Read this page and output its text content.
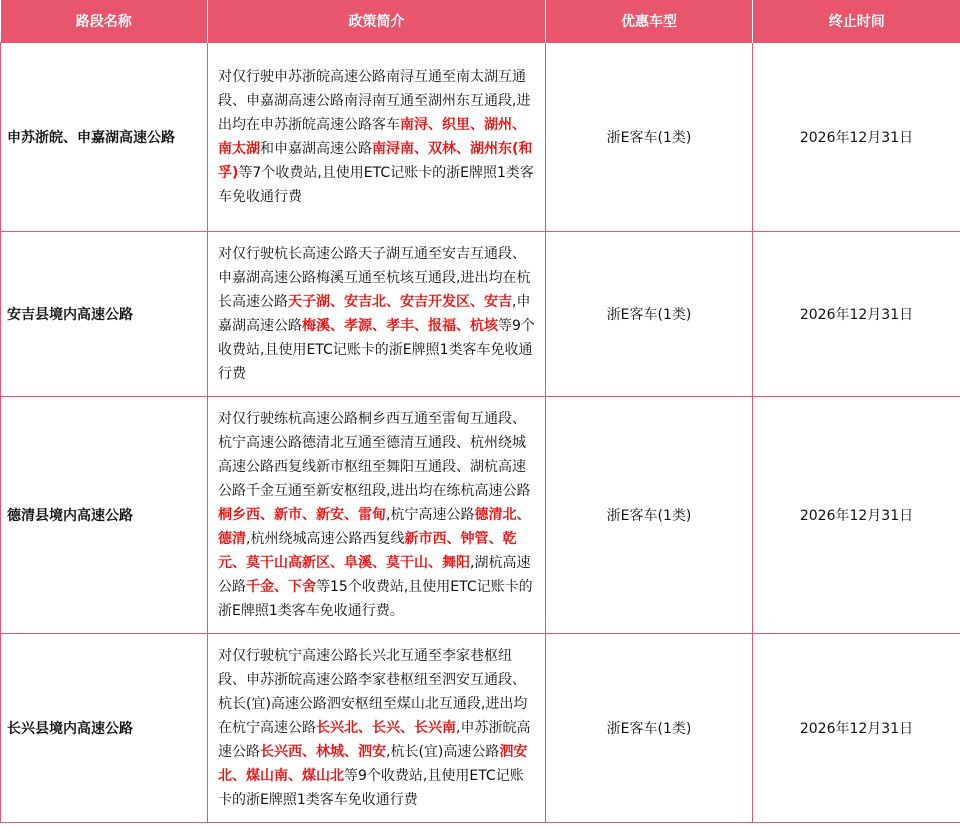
路段名称	政策简介	优惠车型	终止时间
申苏浙皖、申嘉湖高速公路	对仅行驶申苏浙皖高速公路南浔互通至南太湖互通段、申嘉湖高速公路南浔南互通至湖州东互通段,进出均在申苏浙皖高速公路客车南浔、织里、湖州、南太湖和申嘉湖高速公路南浔南、双林、湖州东(和孚)等7个收费站,且使用ETC记账卡的浙E牌照1类客车免收通行费	浙E客车(1类)	2026年12月31日
安吉县境内高速公路	对仅行驶杭长高速公路天子湖互通至安吉互通段、申嘉湖高速公路梅溪互通至杭垓互通段,进出均在杭长高速公路天子湖、安吉北、安吉开发区、安吉,申嘉湖高速公路梅溪、孝源、孝丰、报福、杭垓等9个收费站,且使用ETC记账卡的浙E牌照1类客车免收通行费	浙E客车(1类)	2026年12月31日
德清县境内高速公路	对仅行驶练杭高速公路桐乡西互通至雷甸互通段、杭宁高速公路德清北互通至德清互通段、杭州绕城高速公路西复线新市枢纽至舞阳互通段、湖杭高速公路千金互通至新安枢纽段,进出均在练杭高速公路桐乡西、新市、新安、雷甸,杭宁高速公路德清北、德清,杭州绕城高速公路西复线新市西、钟管、乾元、莫干山高新区、阜溪、莫干山、舞阳,湖杭高速公路千金、下舍等15个收费站,且使用ETC记账卡的浙E牌照1类客车免收通行费。	浙E客车(1类)	2026年12月31日
长兴县境内高速公路	对仅行驶杭宁高速公路长兴北互通至李家巷枢纽段、申苏浙皖高速公路李家巷枢纽至泗安互通段、杭长(宜)高速公路泗安枢纽至煤山北互通段,进出均在杭宁高速公路长兴北、长兴、长兴南,申苏浙皖高速公路长兴西、林城、泗安,杭长(宜)高速公路泗安北、煤山南、煤山北等9个收费站,且使用ETC记账卡的浙E牌照1类客车免收通行费	浙E客车(1类)	2026年12月31日
